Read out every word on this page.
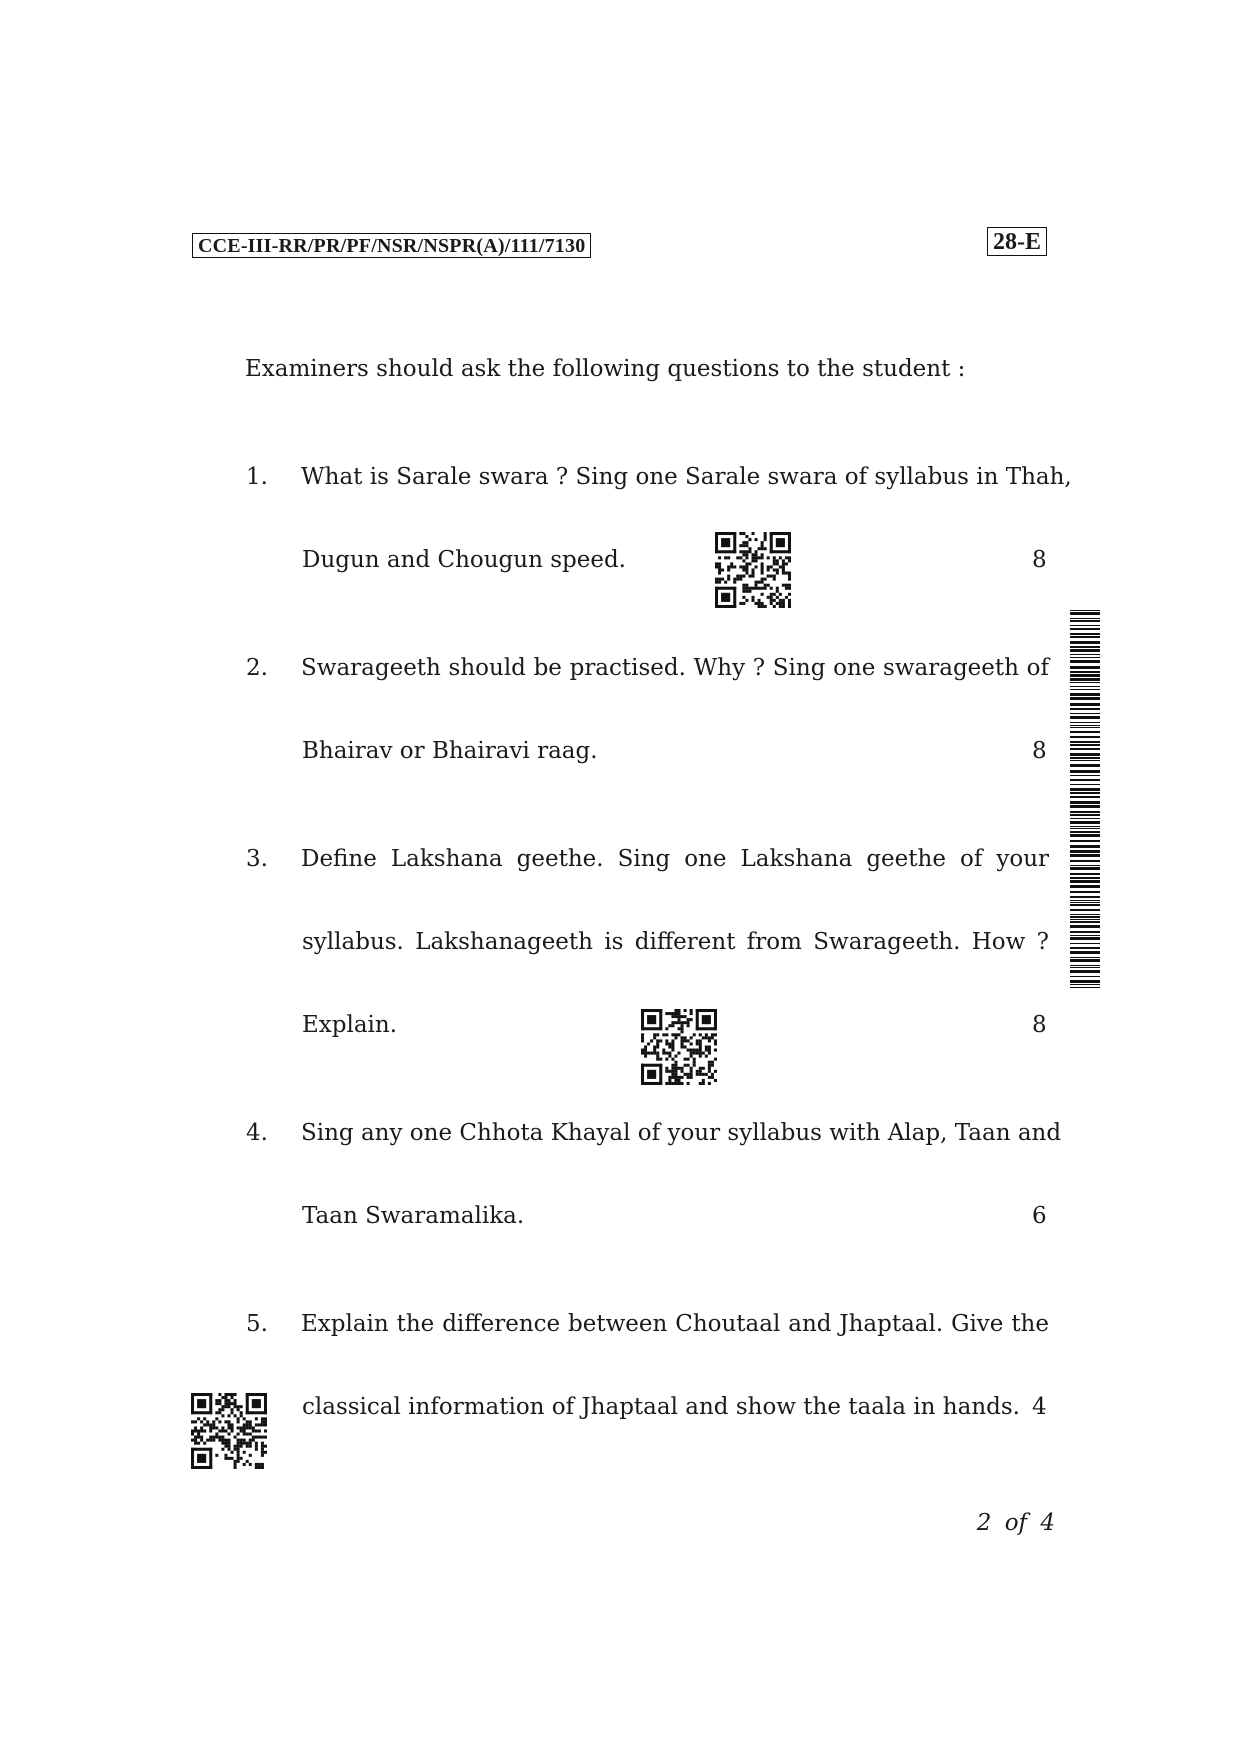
CCE-III-RR/PR/PF/NSR/NSPR(A)/111/7130	28-E
Examiners should ask the following questions to the student :
1. What is Sarale swara ? Sing one Sarale swara of syllabus in Thah,
Dugun and Chougun speed.	8
2. Swarageeth should be practised. Why ? Sing one swarageeth of
Bhairav or Bhairavi raag.	8
3. Define Lakshana geethe. Sing one Lakshana geethe of your
syllabus. Lakshanageeth is different from Swarageeth. How ?
Explain.	8
4. Sing any one Chhota Khayal of your syllabus with Alap, Taan and
Taan Swaramalika.	6
5. Explain the difference between Choutaal and Jhaptaal. Give the
classical information of Jhaptaal and show the taala in hands. 4
2 of 4
